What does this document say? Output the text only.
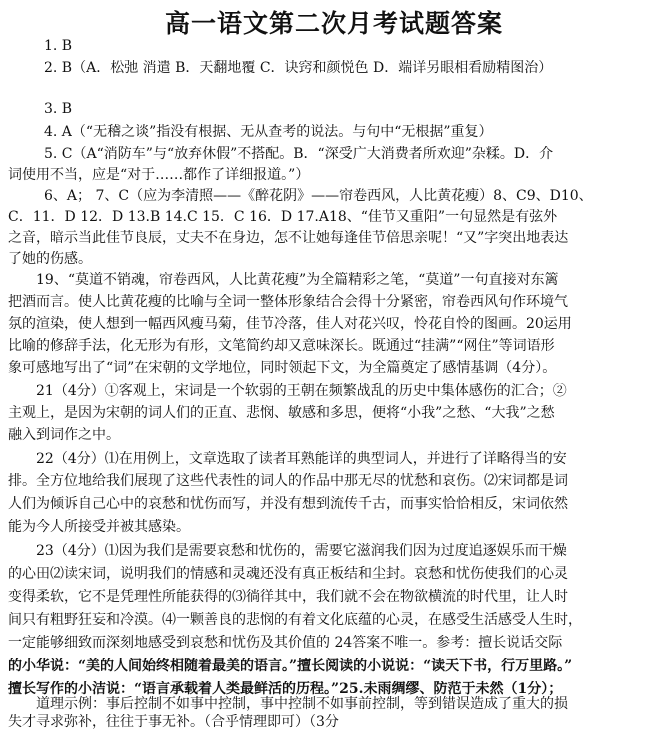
高一语文第二次月考试题答案
1. B
2. B（A．松弛 消遣 B．天翻地覆 C．诀窍和颜悦色 D．端详另眼相看励精图治）
3. B
4. A（“无稽之谈”指没有根据、无从查考的说法。与句中“无根据”重复）
5. C（A“消防车”与“放弃休假”不搭配。B．“深受广大消费者所欢迎”杂糅。D．介
词使用不当，应是“对于……都作了详细报道。”）
6、A； 7、C（应为李清照——《醉花阴》——帘卷西风，人比黄花瘦）8、C9、D10、
C．11．D 12．D 13.B 14.C 15．C 16．D 17.A18、“佳节又重阳”一句显然是有弦外
之音，暗示当此佳节良辰，丈夫不在身边，怎不让她每逢佳节倍思亲呢！“又”字突出地表达
了她的伤感。
19、“莫道不销魂，帘卷西风，人比黄花瘦”为全篇精彩之笔，“莫道”一句直接对东篱
把酒而言。使人比黄花瘦的比喻与全词一整体形象结合会得十分紧密，帘卷西风句作环境气
氛的渲染，使人想到一幅西风瘦马菊，佳节冷落，佳人对花兴叹，怜花自怜的图画。20运用
比喻的修辞手法，化无形为有形，文笔简约却又意味深长。既通过“挂满”“网住”等词语形
象可感地写出了“词”在宋朝的文学地位，同时领起下文，为全篇奠定了感情基调（4分）。
21（4分）①客观上，宋词是一个软弱的王朝在频繁战乱的历史中集体感伤的汇合；②
主观上，是因为宋朝的词人们的正直、悲悯、敏感和多思，便将“小我”之愁、“大我”之愁
融入到词作之中。
22（4分）⑴在用例上，文章选取了读者耳熟能详的典型词人，并进行了详略得当的安
排。全方位地给我们展现了这些代表性的词人的作品中那无尽的忧愁和哀伤。⑵宋词都是词
人们为倾诉自己心中的哀愁和忧伤而写，并没有想到流传千古，而事实恰恰相反，宋词依然
能为今人所接受并被其感染。
23（4分）⑴因为我们是需要哀愁和忧伤的，需要它滋润我们因为过度追逐娱乐而干燥
的心田⑵读宋词，说明我们的情感和灵魂还没有真正板结和尘封。哀愁和忧伤使我们的心灵
变得柔软，它不是凭理性所能获得的⑶徜徉其中，我们就不会在物欲横流的时代里，让人时
间只有粗野狂妄和冷漠。⑷一颗善良的悲悯的有着文化底蕴的心灵，在感受生活感受人生时，
一定能够细致而深刻地感受到哀愁和忧伤及其价值的 24答案不唯一。参考：擅长说话交际
的小华说：“美的人间始终相随着最美的语言。”擅长阅读的小说说：“读天下书，行万里路。”
擅长写作的小洁说：“语言承载着人类最鲜活的历程。”25.未雨绸缪、防范于未然（1分）；
道理示例：事后控制不如事中控制，事中控制不如事前控制，等到错误造成了重大的损
失才寻求弥补，往往于事无补。（合乎情理即可）（3分
